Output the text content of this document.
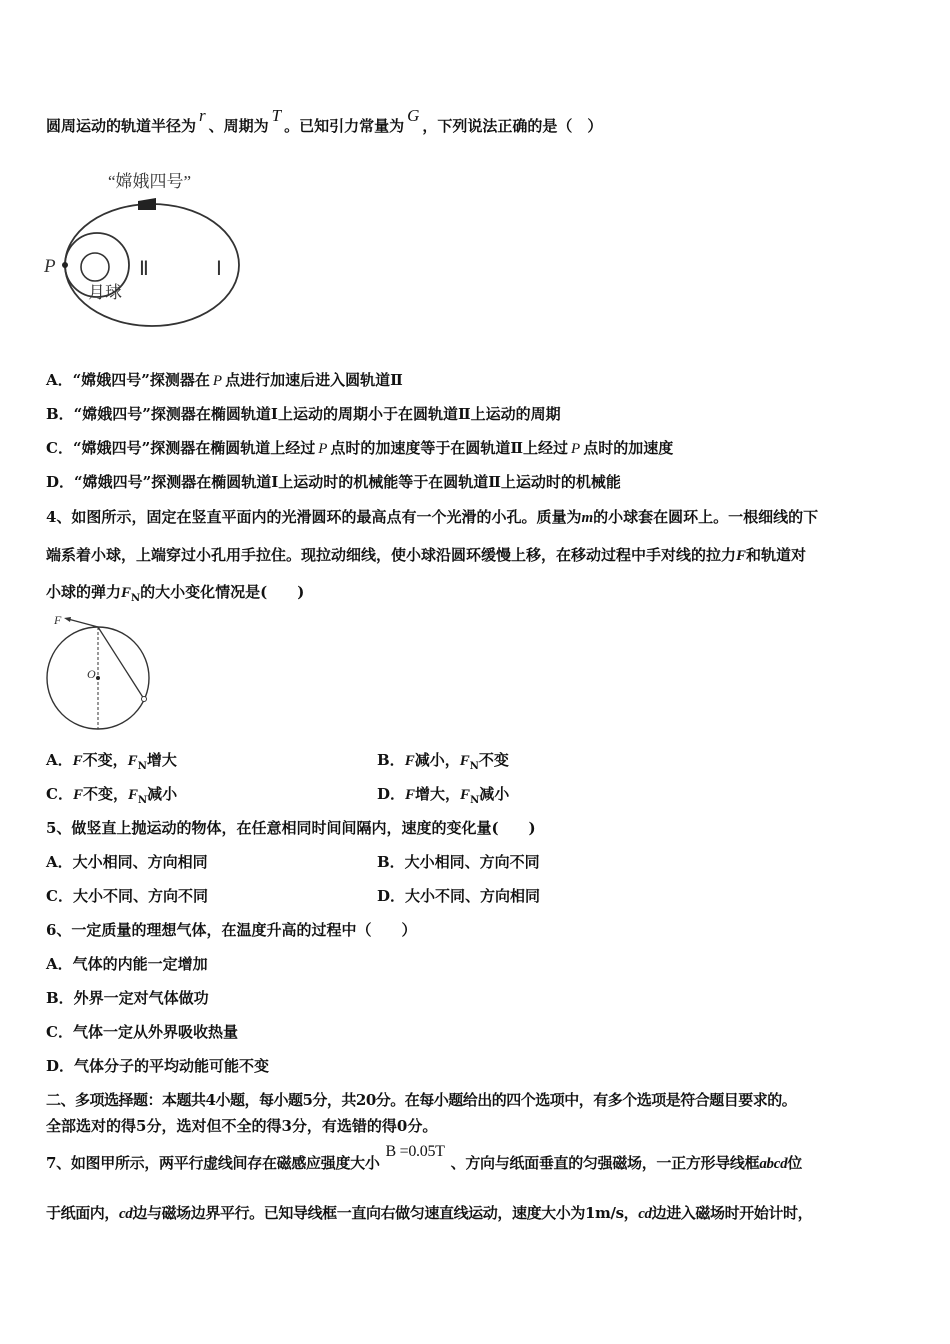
圆周运动的轨道半径为r、周期为T。已知引力常量为G，下列说法正确的是（　）
“嫦娥四号”
P	Ⅱ	Ⅰ
月球
A．“嫦娥四号”探测器在 P 点进行加速后进入圆轨道Ⅱ
B．“嫦娥四号”探测器在椭圆轨道Ⅰ上运动的周期小于在圆轨道Ⅱ上运动的周期
C．“嫦娥四号”探测器在椭圆轨道上经过 P 点时的加速度等于在圆轨道Ⅱ上经过 P 点时的加速度
D．“嫦娥四号”探测器在椭圆轨道Ⅰ上运动时的机械能等于在圆轨道Ⅱ上运动时的机械能
4、如图所示，固定在竖直平面内的光滑圆环的最高点有一个光滑的小孔。质量为m的小球套在圆环上。一根细线的下
端系着小球，上端穿过小孔用手拉住。现拉动细线，使小球沿圆环缓慢上移，在移动过程中手对线的拉力F和轨道对
小球的弹力$F_N$的大小变化情况是(　　)
F
O
A．F不变，$F_N$增大	B．F减小，$F_N$不变
C．F不变，$F_N$减小	D．F增大，$F_N$减小
5、做竖直上抛运动的物体，在任意相同时间间隔内，速度的变化量(　　)
A．大小相同、方向相同	B．大小相同、方向不同
C．大小不同、方向不同	D．大小不同、方向相同
6、一定质量的理想气体，在温度升高的过程中（　　）
A．气体的内能一定增加
B．外界一定对气体做功
C．气体一定从外界吸收热量
D．气体分子的平均动能可能不变
二、多项选择题：本题共4小题，每小题5分，共20分。在每小题给出的四个选项中，有多个选项是符合题目要求的。
全部选对的得5分，选对但不全的得3分，有选错的得0分。
7、如图甲所示，两平行虚线间存在磁感应强度大小B =0.05T、方向与纸面垂直的匀强磁场，一正方形导线框abcd位
于纸面内，cd边与磁场边界平行。已知导线框一直向右做匀速直线运动，速度大小为1m/s，cd边进入磁场时开始计时，
